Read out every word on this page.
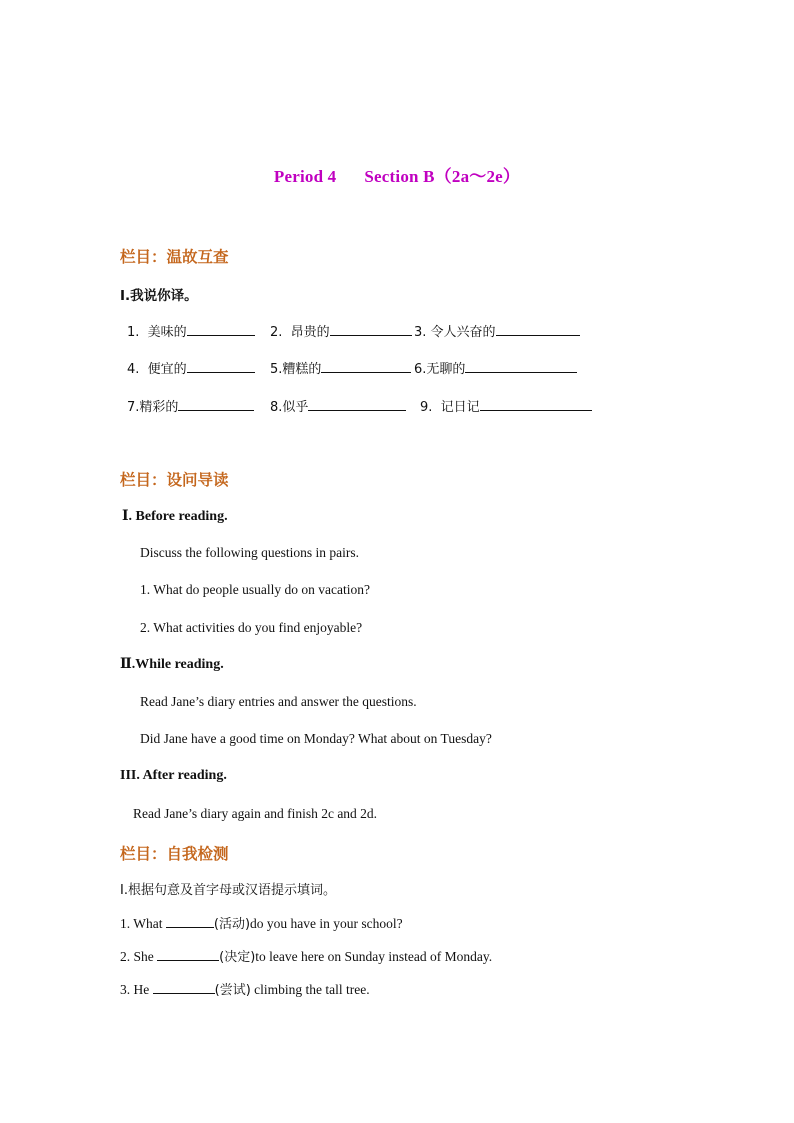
Period 4 Section B（2a～2e）
栏目：温故互查
I.我说你译。
1. 美味的	2. 昂贵的	3. 令人兴奋的
4. 便宜的	5.糟糕的	6.无聊的
7.精彩的	8.似乎	9. 记日记
栏目：设问导读
Ⅰ. Before reading.
Discuss the following questions in pairs.
1. What do people usually do on vacation?
2. What activities do you find enjoyable?
Ⅱ.While reading.
Read Jane’s diary entries and answer the questions.
Did Jane have a good time on Monday? What about on Tuesday?
III. After reading.
Read Jane’s diary again and finish 2c and 2d.
栏目：自我检测
I.根据句意及首字母或汉语提示填词。
1. What	(活动)do you have in your school?
2. She	(决定)to leave here on Sunday instead of Monday.
3. He	(尝试) climbing the tall tree.
